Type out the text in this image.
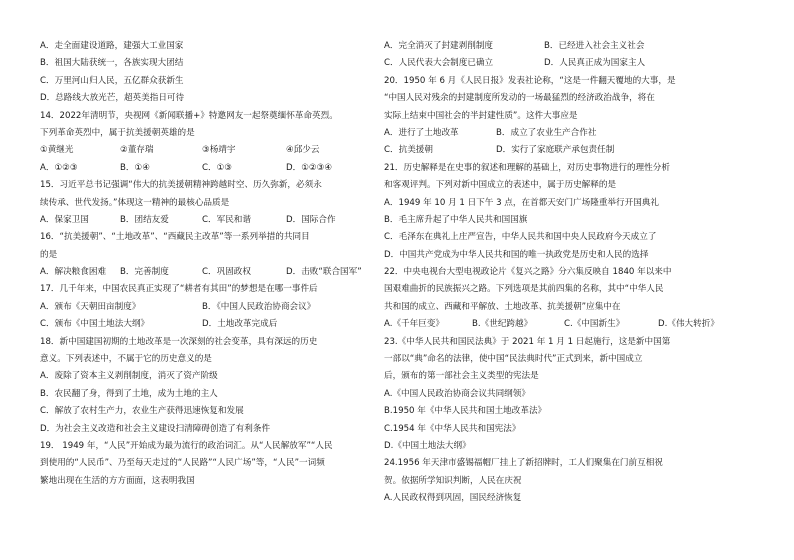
A．走全面建设道路，建强大工业国家
B．祖国大陆获统一，各族实现大团结
C．万里河山归人民，五亿群众获新生
D．总路线大放光芒，超英美指日可待
14．2022年清明节，央视网《新闻联播+》特邀网友一起祭奠缅怀革命英烈。
下列革命英烈中，属于抗美援朝英雄的是
①黄继光	②董存瑞	③杨靖宇	④邱少云
A．①②③	B．①④	C．①③	D．①②③④
15．习近平总书记强调“伟大的抗美援朝精神跨越时空、历久弥新，必须永
续传承、世代发扬。”体现这一精神的最核心品质是
A．保家卫国	B．团结友爱	C．军民和谐	D．国际合作
16．“抗美援朝”、“土地改革”、“西藏民主改革”等一系列举措的共同目
的是
A．解决粮食困难	B．完善制度	C．巩固政权	D．击败“联合国军”
17．几千年来，中国农民真正实现了“耕者有其田”的梦想是在哪一事件后
A．颁布《天朝田亩制度》	B．《中国人民政治协商会议》
C．颁布《中国土地法大纲》	D．土地改革完成后
18．新中国建国初期的土地改革是一次深刻的社会变革，具有深远的历史
意义。下列表述中，不属于它的历史意义的是
A．废除了资本主义剥削制度，消灭了资产阶级
B．农民翻了身，得到了土地，成为土地的主人
C．解放了农村生产力，农业生产获得迅速恢复和发展
D．为社会主义改造和社会主义建设扫清障碍创造了有利条件
19． 1949 年，“人民”开始成为最为流行的政治词汇。从“人民解放军”“人民
到使用的“人民币”、乃至每天走过的“人民路”“人民广场”等，“人民”一词频
繁地出现在生活的方方面面，这表明我国
A．完全消灭了封建剥削制度	B．已经进入社会主义社会
C．人民代表大会制度已确立	D．人民真正成为国家主人
20．1950 年 6 月《人民日报》发表社论称，“这是一件翻天覆地的大事，是
“中国人民对残余的封建制度所发动的一场最猛烈的经济政治战争，将在
实际上结束中国社会的半封建性质”。这件大事应是
A．进行了土地改革	B．成立了农业生产合作社
C．抗美援朝	D．实行了家庭联产承包责任制
21．历史解释是在史事的叙述和理解的基础上，对历史事物进行的理性分析
和客观评判。下列对新中国成立的表述中，属于历史解释的是
A．1949 年 10 月 1 日下午 3 点，在首都天安门广场隆重举行开国典礼
B．毛主席升起了中华人民共和国国旗
C．毛泽东在典礼上庄严宣告，中华人民共和国中央人民政府今天成立了
D．中国共产党成为中华人民共和国的唯一执政党是历史和人民的选择
22．中央电视台大型电视政论片《复兴之路》分六集反映自 1840 年以来中
国艰难曲折的民族振兴之路。下列选项是其前四集的名称，其中“中华人民
共和国的成立、西藏和平解放、土地改革、抗美援朝”应集中在
A.《千年巨变》	B.《世纪跨越》	C.《中国新生》	D.《伟大转折》
23.《中华人民共和国民法典》于 2021 年 1 月 1 日起施行，这是新中国第
一部以“典”命名的法律，使中国“民法典时代”正式到来，新中国成立
后，颁布的第一部社会主义类型的宪法是
A.《中国人民政治协商会议共同纲领》
B.1950 年《中华人民共和国土地改革法》
C.1954 年《中华人民共和国宪法》
D.《中国土地法大纲》
24.1956 年天津市盛锡福帽厂挂上了新招牌时，工人们聚集在门前互相祝
贺。依据所学知识判断，人民在庆祝
A.人民政权得到巩固，国民经济恢复
